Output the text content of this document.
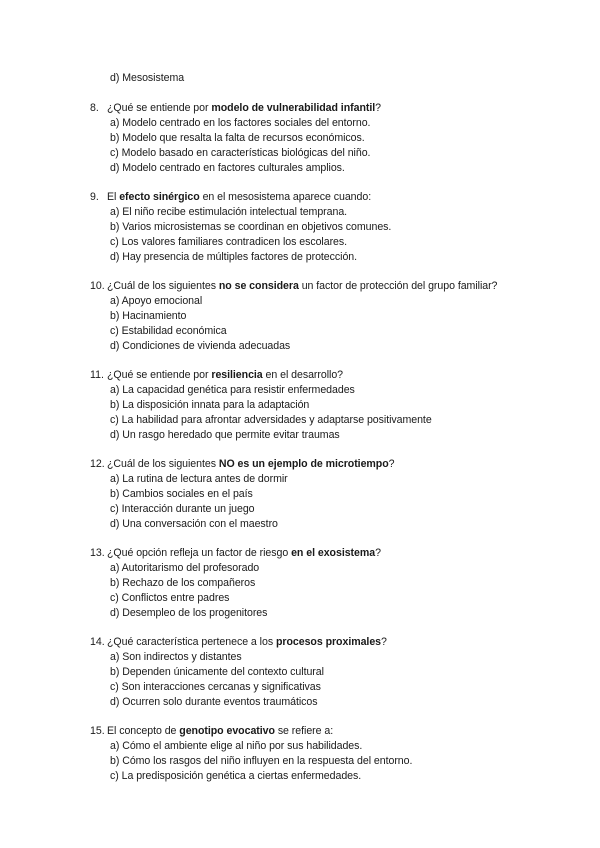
d) Mesosistema
8. ¿Qué se entiende por modelo de vulnerabilidad infantil?
a) Modelo centrado en los factores sociales del entorno.
b) Modelo que resalta la falta de recursos económicos.
c) Modelo basado en características biológicas del niño.
d) Modelo centrado en factores culturales amplios.
9. El efecto sinérgico en el mesosistema aparece cuando:
a) El niño recibe estimulación intelectual temprana.
b) Varios microsistemas se coordinan en objetivos comunes.
c) Los valores familiares contradicen los escolares.
d) Hay presencia de múltiples factores de protección.
10. ¿Cuál de los siguientes no se considera un factor de protección del grupo familiar?
a) Apoyo emocional
b) Hacinamiento
c) Estabilidad económica
d) Condiciones de vivienda adecuadas
11. ¿Qué se entiende por resiliencia en el desarrollo?
a) La capacidad genética para resistir enfermedades
b) La disposición innata para la adaptación
c) La habilidad para afrontar adversidades y adaptarse positivamente
d) Un rasgo heredado que permite evitar traumas
12. ¿Cuál de los siguientes NO es un ejemplo de microtiempo?
a) La rutina de lectura antes de dormir
b) Cambios sociales en el país
c) Interacción durante un juego
d) Una conversación con el maestro
13. ¿Qué opción refleja un factor de riesgo en el exosistema?
a) Autoritarismo del profesorado
b) Rechazo de los compañeros
c) Conflictos entre padres
d) Desempleo de los progenitores
14. ¿Qué característica pertenece a los procesos proximales?
a) Son indirectos y distantes
b) Dependen únicamente del contexto cultural
c) Son interacciones cercanas y significativas
d) Ocurren solo durante eventos traumáticos
15. El concepto de genotipo evocativo se refiere a:
a) Cómo el ambiente elige al niño por sus habilidades.
b) Cómo los rasgos del niño influyen en la respuesta del entorno.
c) La predisposición genética a ciertas enfermedades.
